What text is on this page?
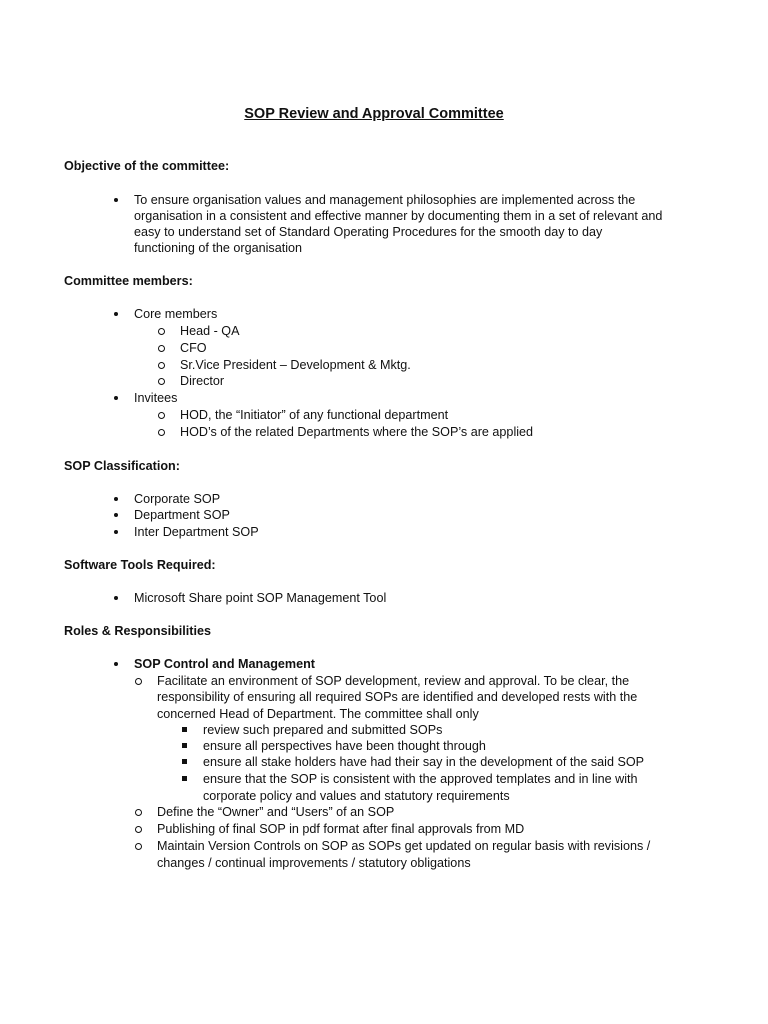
SOP Review and Approval Committee
Objective of the committee:
To ensure organisation values and management philosophies are implemented across the
organisation in a consistent and effective manner by documenting them in a set of relevant and
easy to understand set of Standard Operating Procedures for the smooth day to day
functioning of the organisation
Committee members:
Core members
Head - QA
CFO
Sr.Vice President – Development & Mktg.
Director
Invitees
HOD, the “Initiator” of any functional department
HOD’s of the related Departments where the SOP’s are applied
SOP Classification:
Corporate SOP
Department SOP
Inter Department SOP
Software Tools Required:
Microsoft Share point SOP Management Tool
Roles & Responsibilities
SOP Control and Management
Facilitate an environment of SOP development, review and approval. To be clear, the
responsibility of ensuring all required SOPs are identified and developed rests with the
concerned Head of Department. The committee shall only
review such prepared and submitted SOPs
ensure all perspectives have been thought through
ensure all stake holders have had their say in the development of the said SOP
ensure that the SOP is consistent with the approved templates and in line with
corporate policy and values and statutory requirements
Define the “Owner” and “Users” of an SOP
Publishing of final SOP in pdf format after final approvals from MD
Maintain Version Controls on SOP as SOPs get updated on regular basis with revisions /
changes / continual improvements / statutory obligations
